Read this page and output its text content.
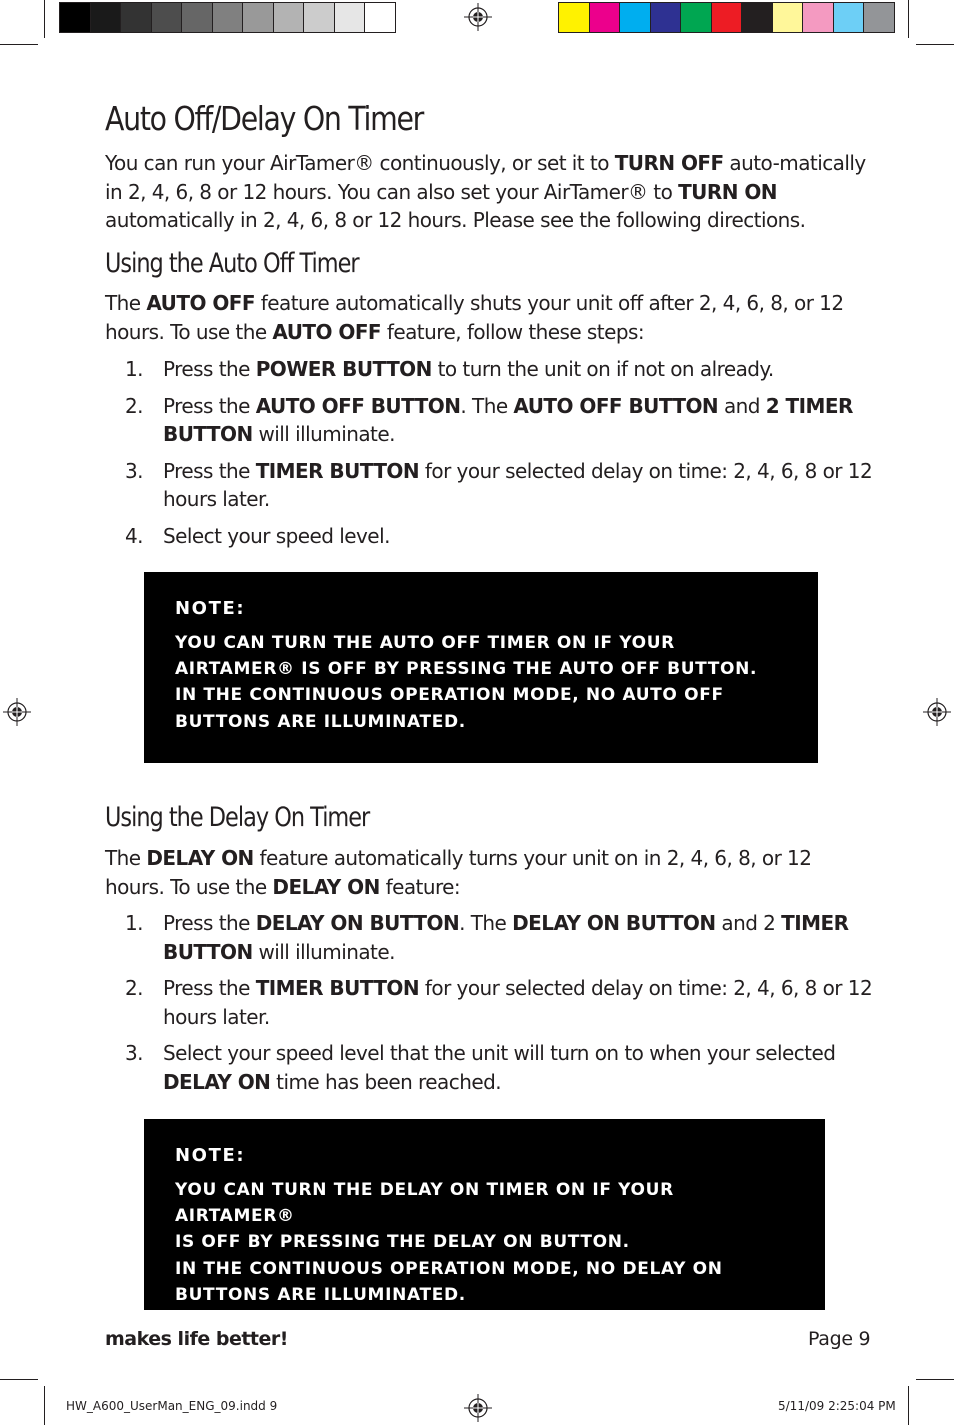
Auto Off/Delay On Timer

You can run your AirTamer® continuously, or set it to TURN OFF auto-matically in 2, 4, 6, 8 or 12 hours. You can also set your AirTamer® to TURN ON automatically in 2, 4, 6, 8 or 12 hours. Please see the following directions.

Using the Auto Off Timer

The AUTO OFF feature automatically shuts your unit off after 2, 4, 6, 8, or 12 hours. To use the AUTO OFF feature, follow these steps:

1. Press the POWER BUTTON to turn the unit on if not on already.
2. Press the AUTO OFF BUTTON. The AUTO OFF BUTTON and 2 TIMER BUTTON will illuminate.
3. Press the TIMER BUTTON for your selected delay on time: 2, 4, 6, 8 or 12 hours later.
4. Select your speed level.
NOTE:
YOU CAN TURN THE AUTO OFF TIMER ON IF YOUR
AIRTAMER® IS OFF BY PRESSING THE AUTO OFF BUTTON.
IN THE CONTINUOUS OPERATION MODE, NO AUTO OFF
BUTTONS ARE ILLUMINATED.
Using the Delay On Timer

The DELAY ON feature automatically turns your unit on in 2, 4, 6, 8, or 12 hours. To use the DELAY ON feature:

1. Press the DELAY ON BUTTON. The DELAY ON BUTTON and 2 TIMER BUTTON will illuminate.
2. Press the TIMER BUTTON for your selected delay on time: 2, 4, 6, 8 or 12 hours later.
3. Select your speed level that the unit will turn on to when your selected DELAY ON time has been reached.
NOTE:
YOU CAN TURN THE DELAY ON TIMER ON IF YOUR AIRTAMER®
IS OFF BY PRESSING THE DELAY ON BUTTON.
IN THE CONTINUOUS OPERATION MODE, NO DELAY ON
BUTTONS ARE ILLUMINATED.
makes life better!	Page 9
HW_A600_UserMan_ENG_09.indd 9	5/11/09 2:25:04 PM
